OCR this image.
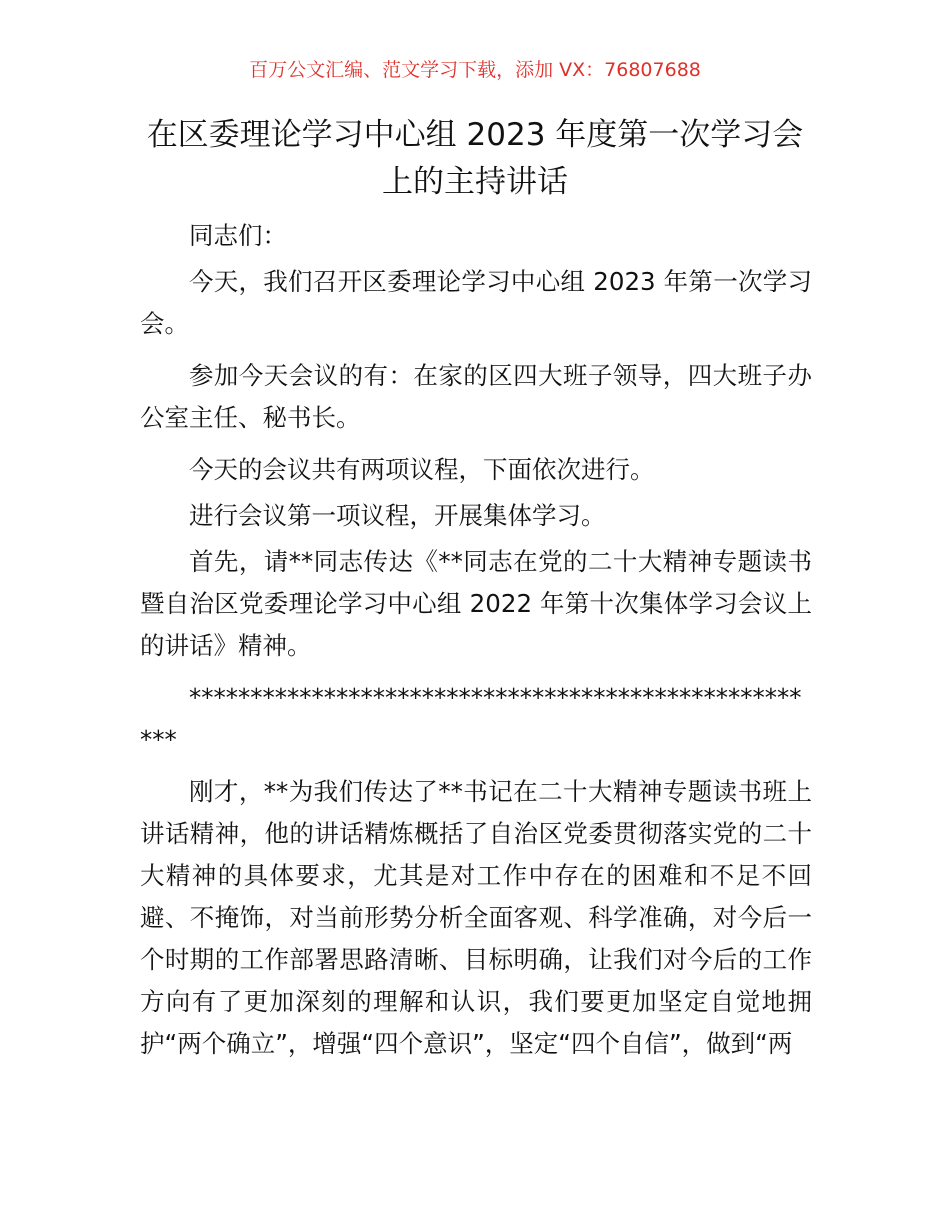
百万公文汇编、范文学习下载，添加 VX：76807688
在区委理论学习中心组 2023 年度第一次学习会上的主持讲话

同志们：

今天，我们召开区委理论学习中心组 2023 年第一次学习会。

参加今天会议的有：在家的区四大班子领导，四大班子办公室主任、秘书长。

今天的会议共有两项议程，下面依次进行。

进行会议第一项议程，开展集体学习。

首先，请**同志传达《**同志在党的二十大精神专题读书暨自治区党委理论学习中心组 2022 年第十次集体学习会议上的讲话》精神。

*****************************************************

刚才，**为我们传达了**书记在二十大精神专题读书班上讲话精神，他的讲话精炼概括了自治区党委贯彻落实党的二十大精神的具体要求，尤其是对工作中存在的困难和不足不回避、不掩饰，对当前形势分析全面客观、科学准确，对今后一个时期的工作部署思路清晰、目标明确，让我们对今后的工作方向有了更加深刻的理解和认识，我们要更加坚定自觉地拥护“两个确立”，增强“四个意识”，坚定“四个自信”，做到“两
